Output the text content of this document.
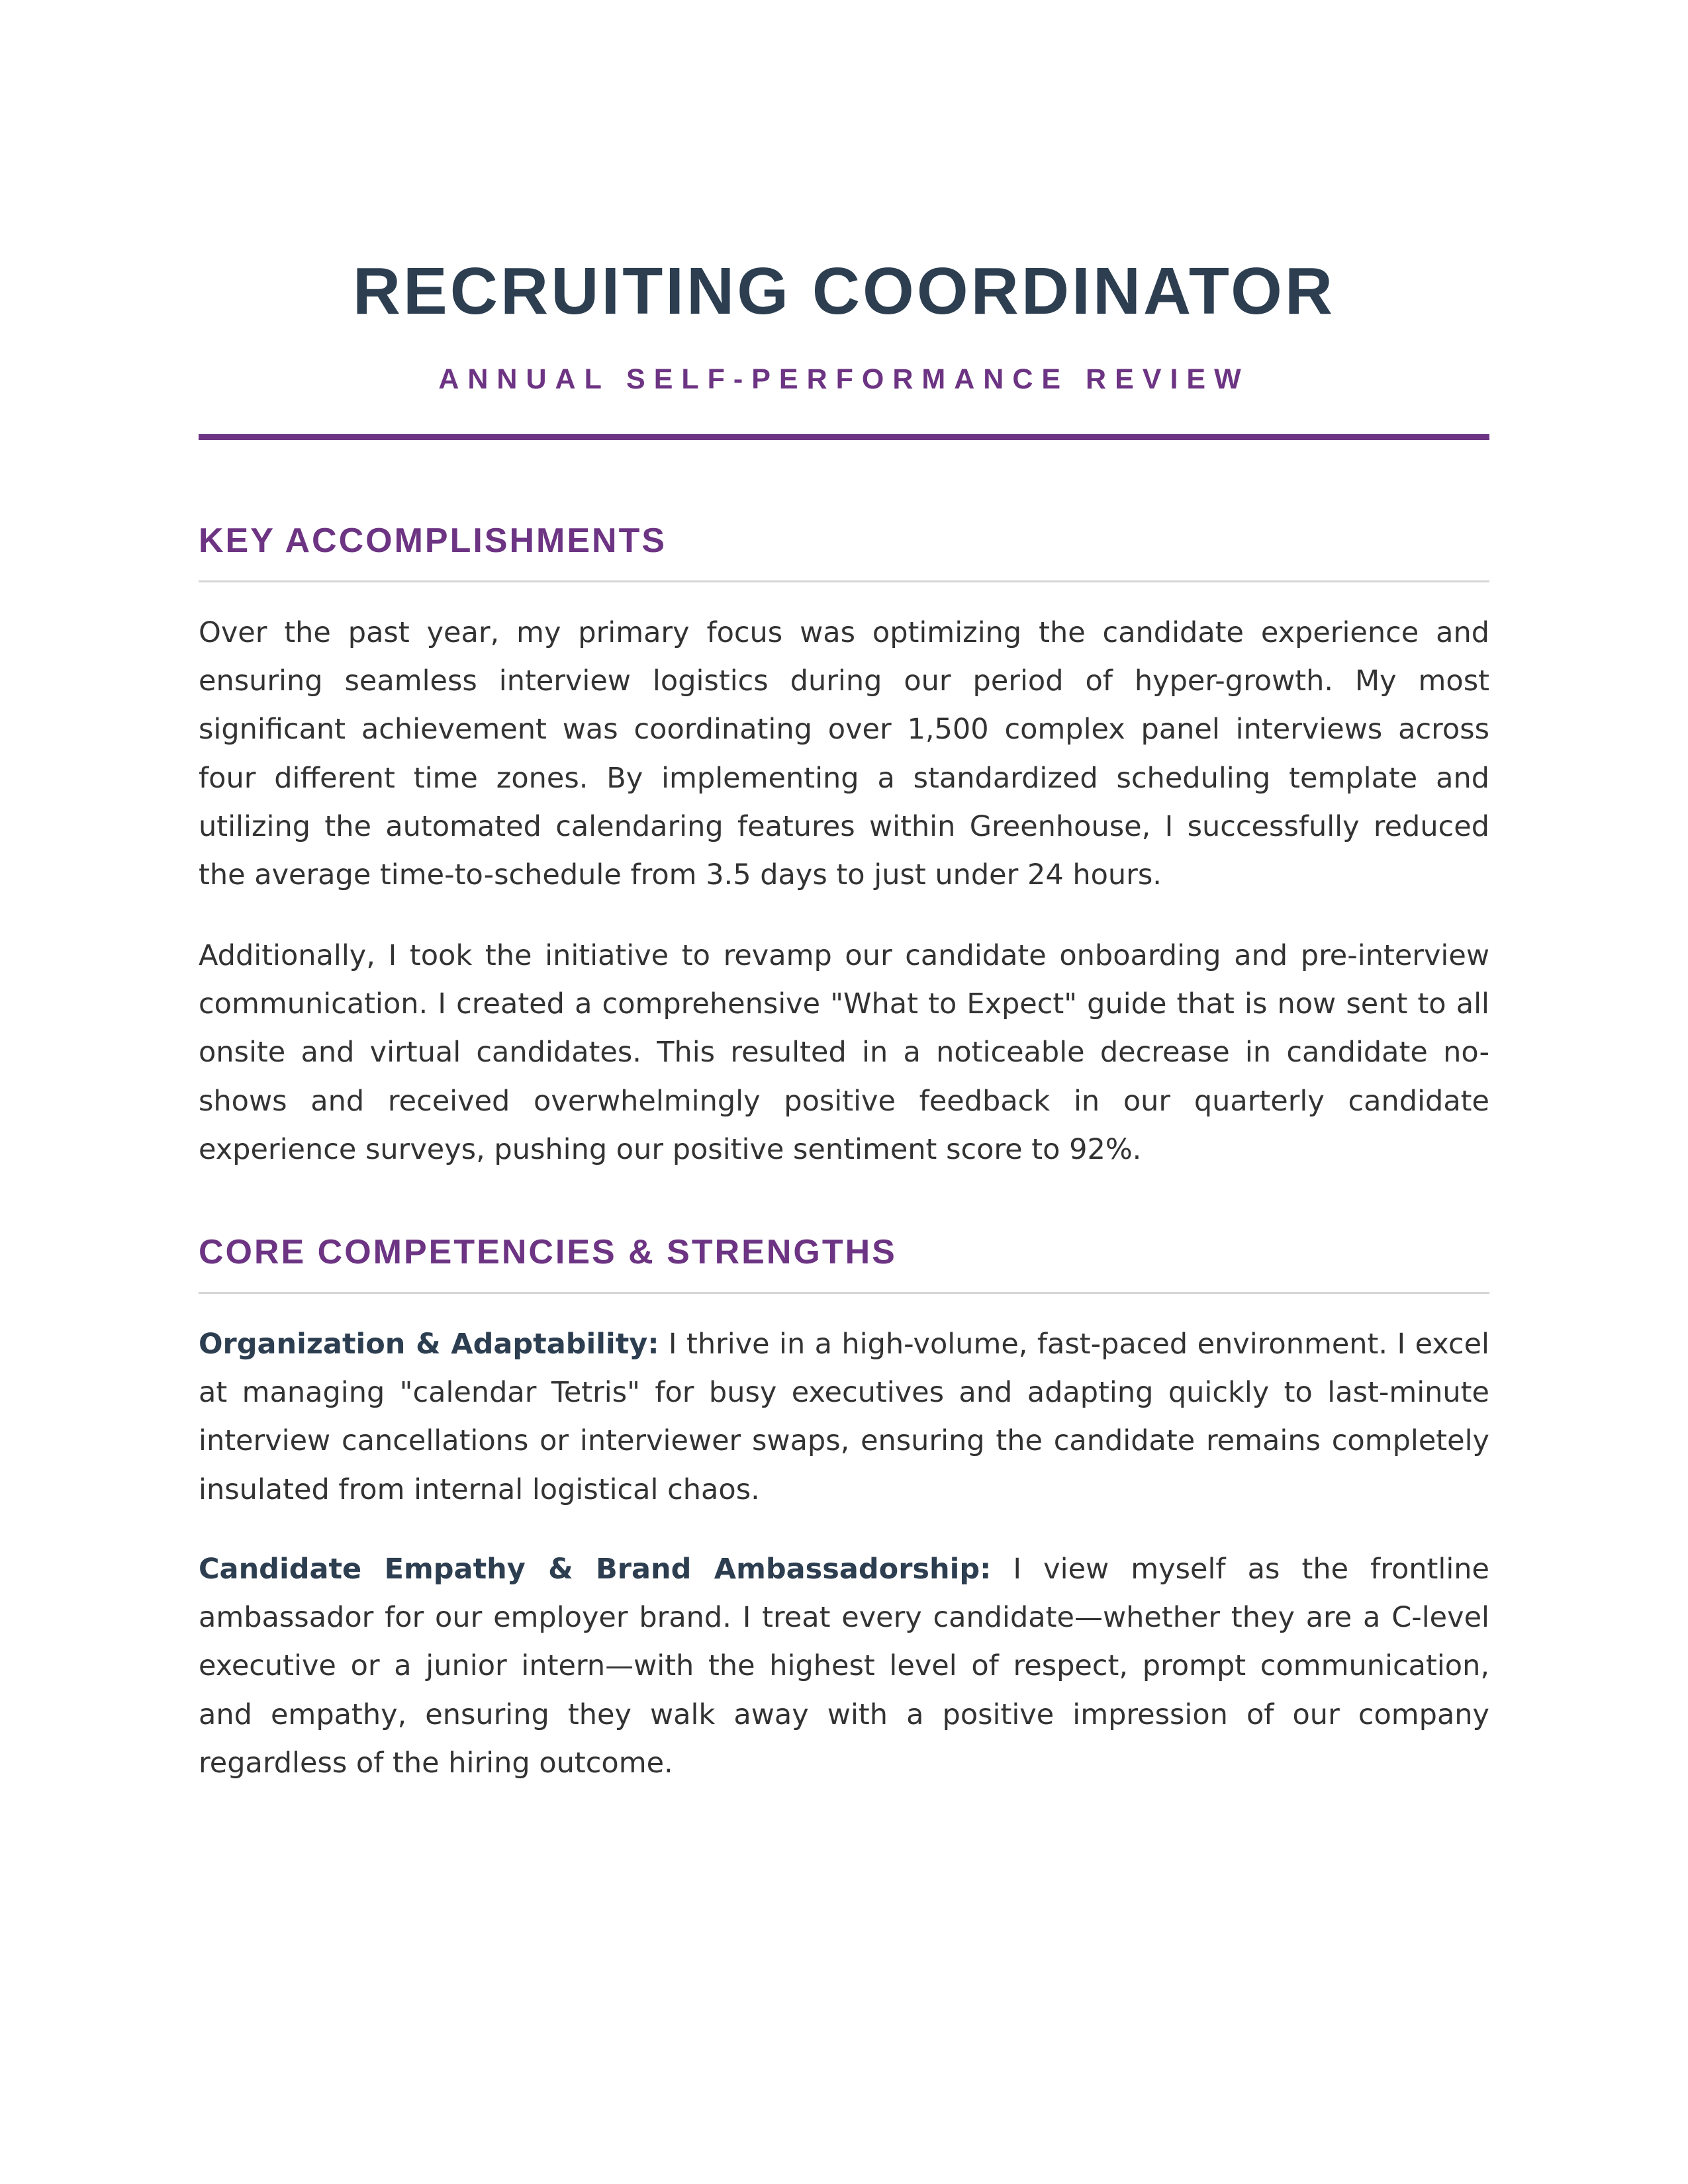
RECRUITING COORDINATOR
ANNUAL SELF-PERFORMANCE REVIEW
KEY ACCOMPLISHMENTS

Over the past year, my primary focus was optimizing the candidate experience and ensuring seamless interview logistics during our period of hyper-growth. My most significant achievement was coordinating over 1,500 complex panel interviews across four different time zones. By implementing a standardized scheduling template and utilizing the automated calendaring features within Greenhouse, I successfully reduced the average time-to-schedule from 3.5 days to just under 24 hours.

Additionally, I took the initiative to revamp our candidate onboarding and pre-interview communication. I created a comprehensive "What to Expect" guide that is now sent to all onsite and virtual candidates. This resulted in a noticeable decrease in candidate no-shows and received overwhelmingly positive feedback in our quarterly candidate experience surveys, pushing our positive sentiment score to 92%.

CORE COMPETENCIES & STRENGTHS

Organization & Adaptability: I thrive in a high-volume, fast-paced environment. I excel at managing "calendar Tetris" for busy executives and adapting quickly to last-minute interview cancellations or interviewer swaps, ensuring the candidate remains completely insulated from internal logistical chaos.

Candidate Empathy & Brand Ambassadorship: I view myself as the frontline ambassador for our employer brand. I treat every candidate—whether they are a C-level executive or a junior intern—with the highest level of respect, prompt communication, and empathy, ensuring they walk away with a positive impression of our company regardless of the hiring outcome.
